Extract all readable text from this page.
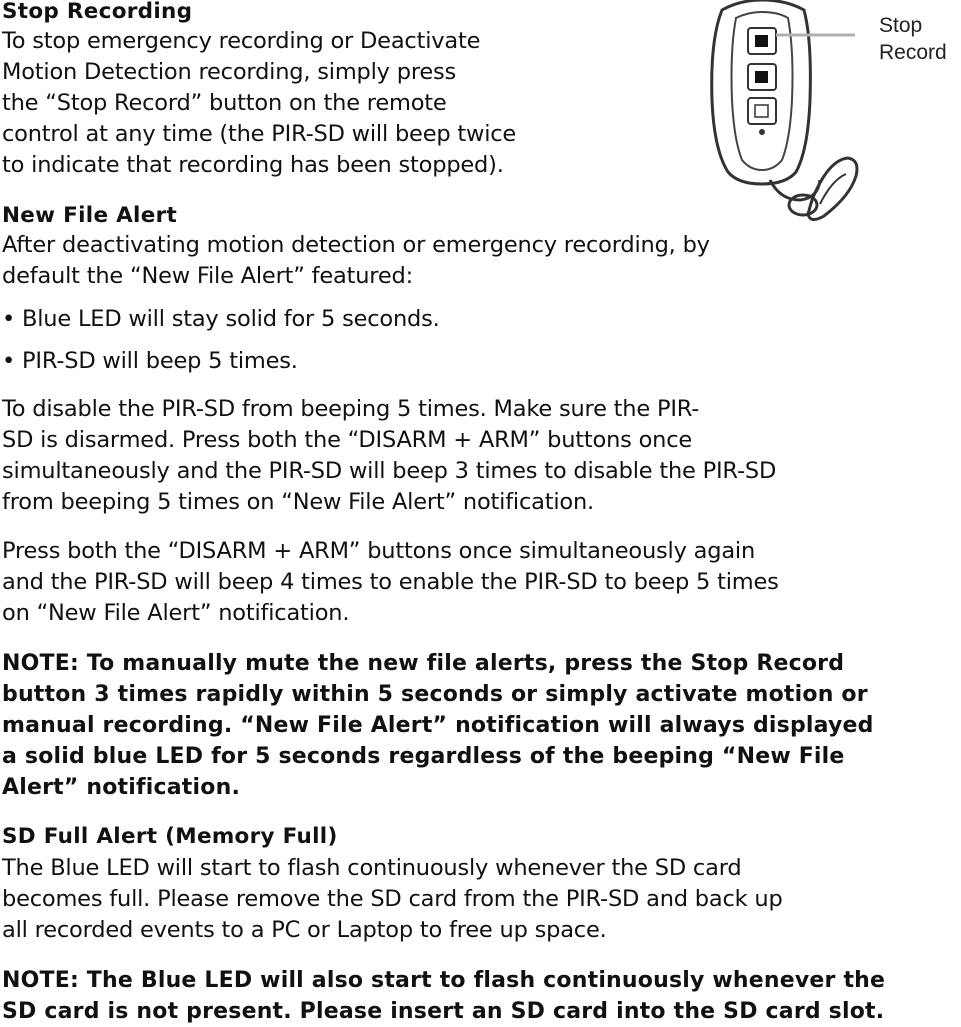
Stop Recording

To stop emergency recording or Deactivate

Motion Detection recording, simply press

the “Stop Record” button on the remote

control at any time (the PIR-SD will beep twice

to indicate that recording has been stopped).

Stop
Record

New File Alert

After deactivating motion detection or emergency recording, by

default the “New File Alert” featured:

• Blue LED will stay solid for 5 seconds.

• PIR-SD will beep 5 times.

To disable the PIR-SD from beeping 5 times. Make sure the PIR-

SD is disarmed. Press both the “DISARM + ARM” buttons once

simultaneously and the PIR-SD will beep 3 times to disable the PIR-SD

from beeping 5 times on “New File Alert” notification.

Press both the “DISARM + ARM” buttons once simultaneously again

and the PIR-SD will beep 4 times to enable the PIR-SD to beep 5 times

on “New File Alert” notification.

NOTE: To manually mute the new file alerts, press the Stop Record

button 3 times rapidly within 5 seconds or simply activate motion or

manual recording. “New File Alert” notification will always displayed

a solid blue LED for 5 seconds regardless of the beeping “New File

Alert” notification.

SD Full Alert (Memory Full)

The Blue LED will start to flash continuously whenever the SD card

becomes full. Please remove the SD card from the PIR-SD and back up

all recorded events to a PC or Laptop to free up space.

NOTE: The Blue LED will also start to flash continuously whenever the

SD card is not present. Please insert an SD card into the SD card slot.
